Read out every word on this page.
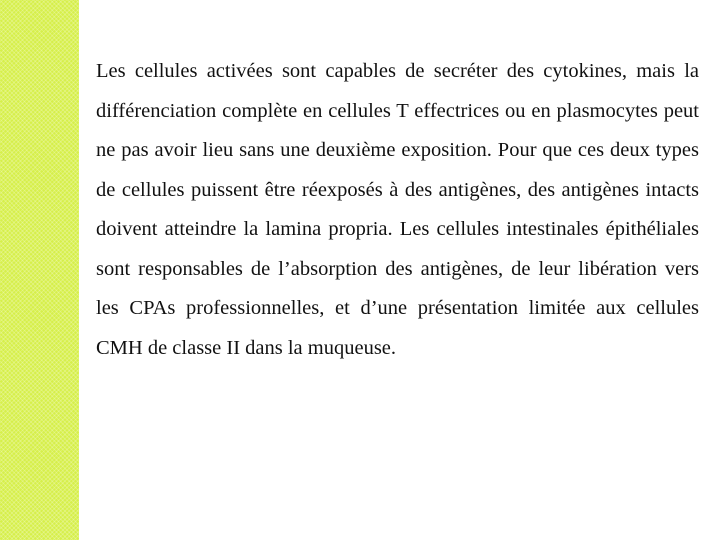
Les cellules activées sont capables de secréter des cytokines, mais la différenciation complète en cellules T effectrices ou en plasmocytes peut ne pas avoir lieu sans une deuxième exposition. Pour que ces deux types de cellules puissent être réexposés à des antigènes, des antigènes intacts doivent atteindre la lamina propria. Les cellules intestinales épithéliales sont responsables de l’absorption des antigènes, de leur libération vers les CPAs professionnelles, et d’une présentation limitée aux cellules CMH de classe II dans la muqueuse.
